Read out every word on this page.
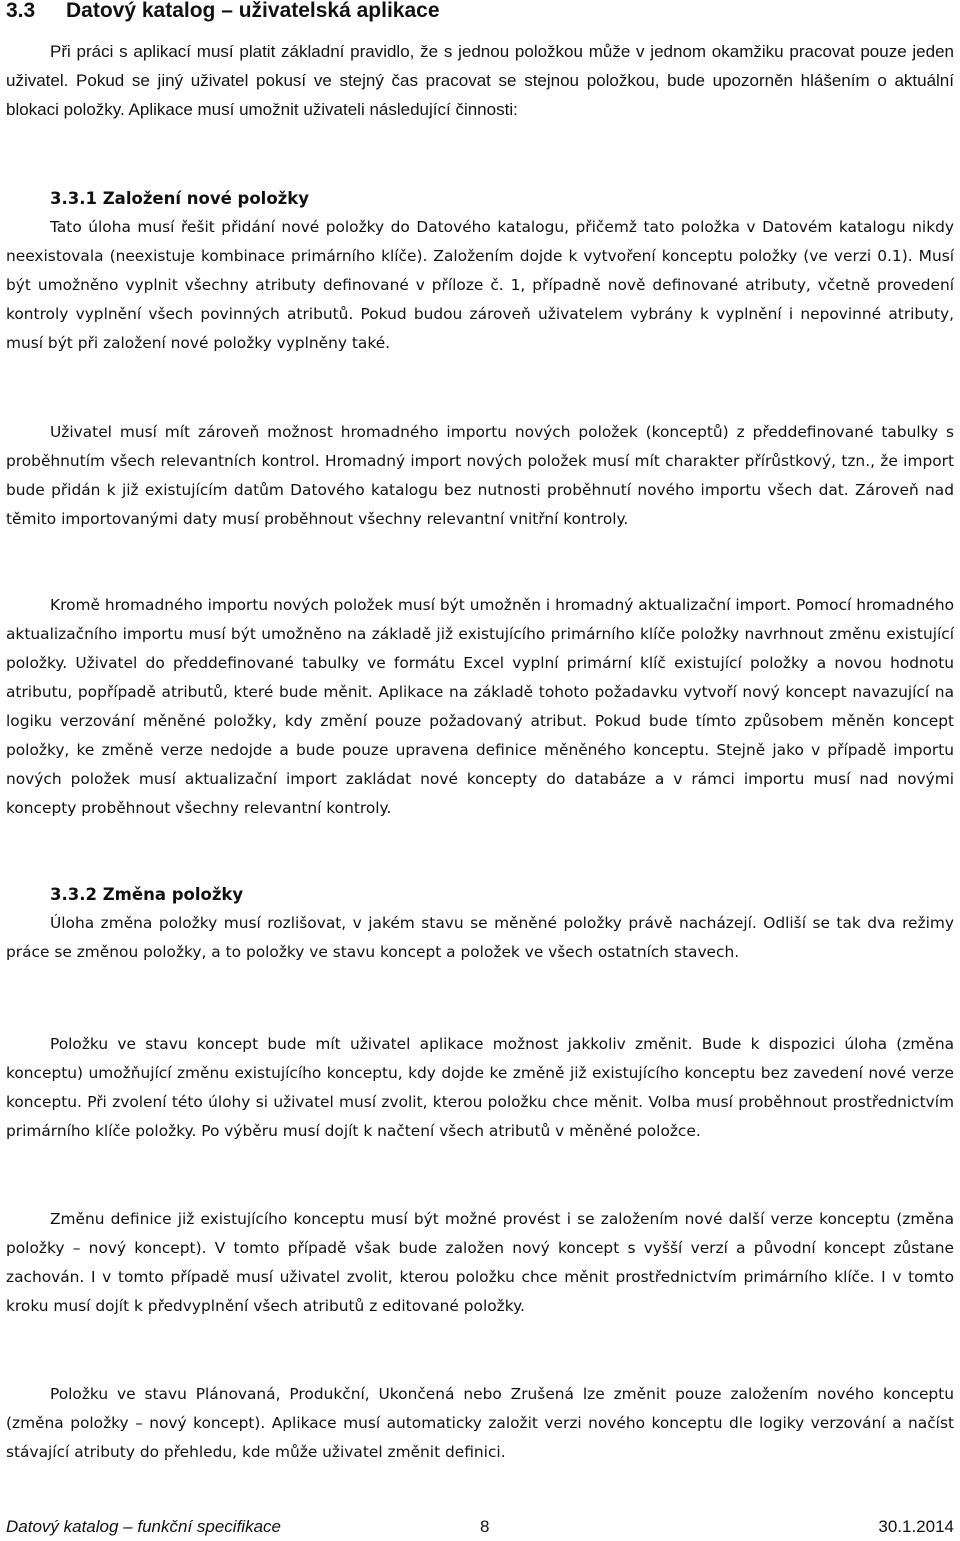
3.3 Datový katalog – uživatelská aplikace

Při práci s aplikací musí platit základní pravidlo, že s jednou položkou může v jednom okamžiku pracovat pouze jeden uživatel. Pokud se jiný uživatel pokusí ve stejný čas pracovat se stejnou položkou, bude upozorněn hlášením o aktuální blokaci položky. Aplikace musí umožnit uživateli následující činnosti:

3.3.1 Založení nové položky

Tato úloha musí řešit přidání nové položky do Datového katalogu, přičemž tato položka v Datovém katalogu nikdy neexistovala (neexistuje kombinace primárního klíče). Založením dojde k vytvoření konceptu položky (ve verzi 0.1). Musí být umožněno vyplnit všechny atributy definované v příloze č. 1, případně nově definované atributy, včetně provedení kontroly vyplnění všech povinných atributů. Pokud budou zároveň uživatelem vybrány k vyplnění i nepovinné atributy, musí být při založení nové položky vyplněny také.

Uživatel musí mít zároveň možnost hromadného importu nových položek (konceptů) z předdefinované tabulky s proběhnutím všech relevantních kontrol. Hromadný import nových položek musí mít charakter přírůstkový, tzn., že import bude přidán k již existujícím datům Datového katalogu bez nutnosti proběhnutí nového importu všech dat. Zároveň nad těmito importovanými daty musí proběhnout všechny relevantní vnitřní kontroly.

Kromě hromadného importu nových položek musí být umožněn i hromadný aktualizační import. Pomocí hromadného aktualizačního importu musí být umožněno na základě již existujícího primárního klíče položky navrhnout změnu existující položky. Uživatel do předdefinované tabulky ve formátu Excel vyplní primární klíč existující položky a novou hodnotu atributu, popřípadě atributů, které bude měnit. Aplikace na základě tohoto požadavku vytvoří nový koncept navazující na logiku verzování měněné položky, kdy změní pouze požadovaný atribut. Pokud bude tímto způsobem měněn koncept položky, ke změně verze nedojde a bude pouze upravena definice měněného konceptu. Stejně jako v případě importu nových položek musí aktualizační import zakládat nové koncepty do databáze a v rámci importu musí nad novými koncepty proběhnout všechny relevantní kontroly.

3.3.2 Změna položky

Úloha změna položky musí rozlišovat, v jakém stavu se měněné položky právě nacházejí. Odliší se tak dva režimy práce se změnou položky, a to položky ve stavu koncept a položek ve všech ostatních stavech.

Položku ve stavu koncept bude mít uživatel aplikace možnost jakkoliv změnit. Bude k dispozici úloha (změna konceptu) umožňující změnu existujícího konceptu, kdy dojde ke změně již existujícího konceptu bez zavedení nové verze konceptu. Při zvolení této úlohy si uživatel musí zvolit, kterou položku chce měnit. Volba musí proběhnout prostřednictvím primárního klíče položky. Po výběru musí dojít k načtení všech atributů v měněné položce.

Změnu definice již existujícího konceptu musí být možné provést i se založením nové další verze konceptu (změna položky – nový koncept). V tomto případě však bude založen nový koncept s vyšší verzí a původní koncept zůstane zachován. I v tomto případě musí uživatel zvolit, kterou položku chce měnit prostřednictvím primárního klíče. I v tomto kroku musí dojít k předvyplnění všech atributů z editované položky.

Položku ve stavu Plánovaná, Produkční, Ukončená nebo Zrušená lze změnit pouze založením nového konceptu (změna položky – nový koncept). Aplikace musí automaticky založit verzi nového konceptu dle logiky verzování a načíst stávající atributy do přehledu, kde může uživatel změnit definici.

Datový katalog – funkční specifikace	8	30.1.2014
